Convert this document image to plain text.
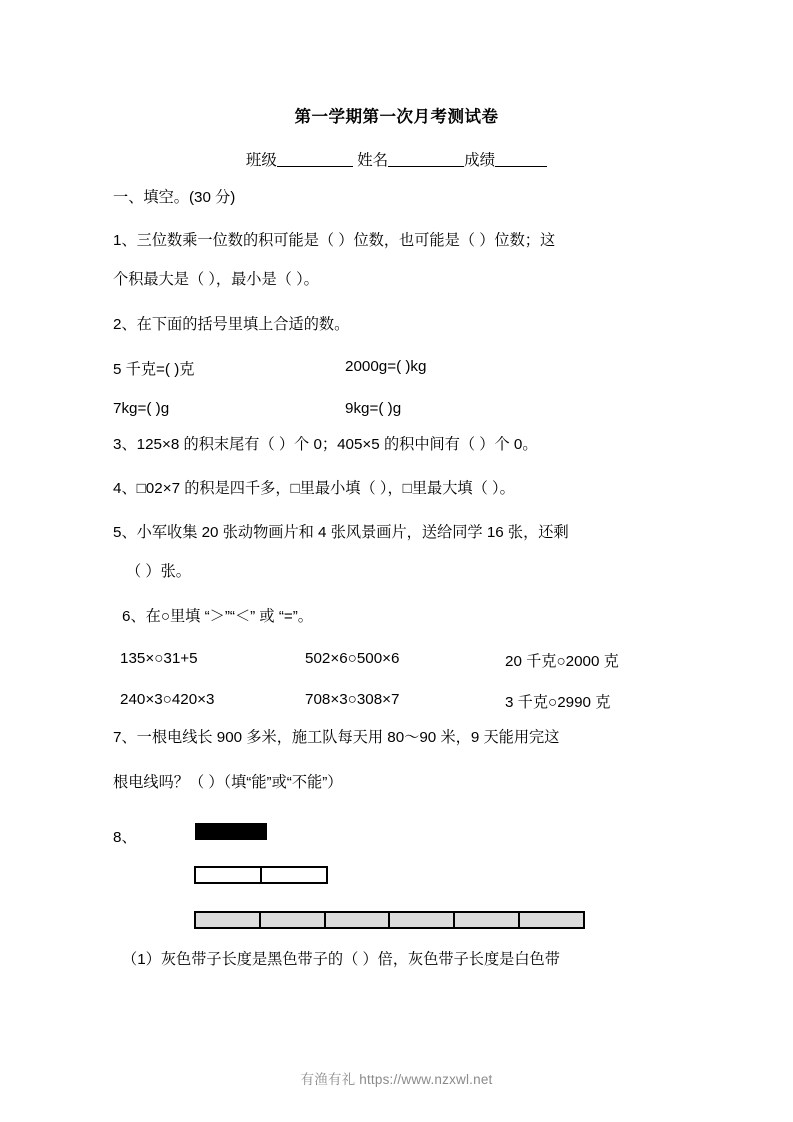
第一学期第一次月考测试卷
班级	姓名	成绩
一、填空。(30 分)
1、三位数乘一位数的积可能是（ ）位数，也可能是（ ）位数；这
个积最大是（ ），最小是（ ）。
2、在下面的括号里填上合适的数。
5 千克=( )克	2000g=( )kg
7kg=( )g	9kg=( )g
3、125×8 的积末尾有（ ）个 0；405×5 的积中间有（ ）个 0。
4、□02×7 的积是四千多，□里最小填（ ），□里最大填（ ）。
5、小军收集 20 张动物画片和 4 张风景画片，送给同学 16 张，还剩
（ ）张。
6、在○里填 “＞”“＜” 或 “=”。
135×○31+5	502×6○500×6	20 千克○2000 克
240×3○420×3	708×3○308×7	3 千克○2990 克
7、一根电线长 900 多米，施工队每天用 80～90 米，9 天能用完这
根电线吗？（ ）（填“能”或“不能”）
8、
（1）灰色带子长度是黑色带子的（ ）倍，灰色带子长度是白色带
有渔有礼 https://www.nzxwl.net
